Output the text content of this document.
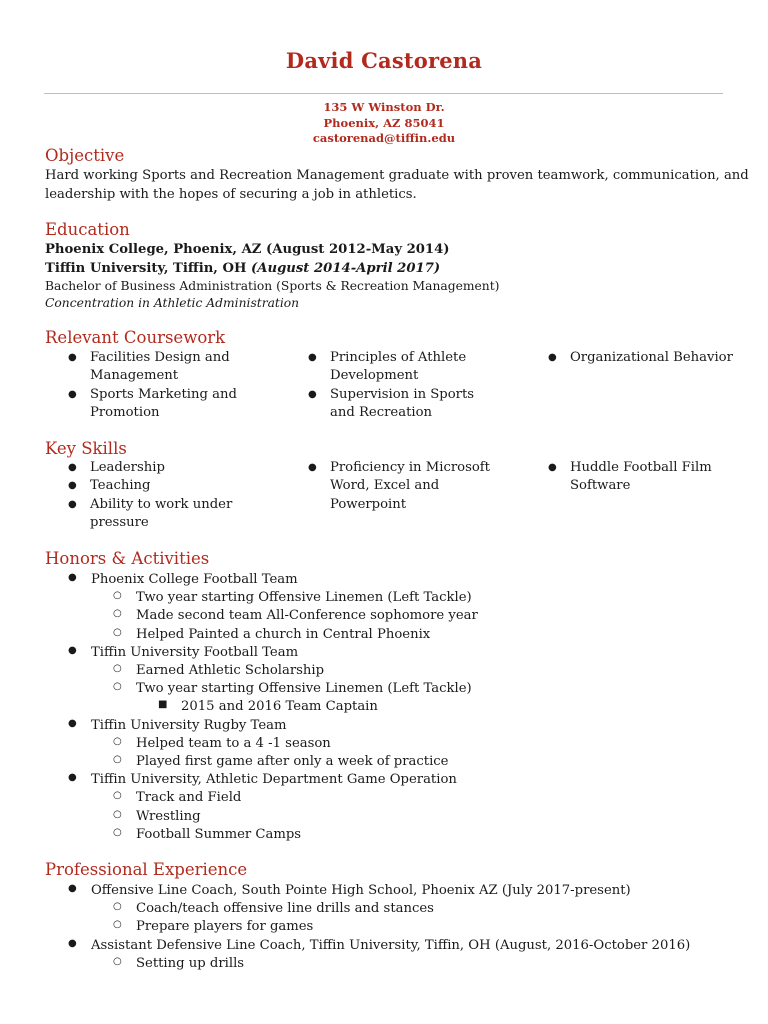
David Castorena
135 W Winston Dr.
Phoenix, AZ 85041
castorenad@tiffin.edu
Objective
Hard working Sports and Recreation Management graduate with proven teamwork, communication, and
leadership with the hopes of securing a job in athletics.
Education
Phoenix College, Phoenix, AZ (August 2012-May 2014)
Tiffin University, Tiffin, OH (August 2014-April 2017)
Bachelor of Business Administration (Sports & Recreation Management)
Concentration in Athletic Administration
Relevant Coursework
● Facilities Design and Management
● Sports Marketing and Promotion
● Principles of Athlete Development
● Supervision in Sports and Recreation
● Organizational Behavior
Key Skills
● Leadership
● Teaching
● Ability to work under pressure
● Proficiency in Microsoft Word, Excel and Powerpoint
● Huddle Football Film Software
Honors & Activities
● Phoenix College Football Team
○ Two year starting Offensive Linemen (Left Tackle)
○ Made second team All-Conference sophomore year
○ Helped Painted a church in Central Phoenix
● Tiffin University Football Team
○ Earned Athletic Scholarship
○ Two year starting Offensive Linemen (Left Tackle)
■ 2015 and 2016 Team Captain
● Tiffin University Rugby Team
○ Helped team to a 4 -1 season
○ Played first game after only a week of practice
● Tiffin University, Athletic Department Game Operation
○ Track and Field
○ Wrestling
○ Football Summer Camps
Professional Experience
● Offensive Line Coach, South Pointe High School, Phoenix AZ (July 2017-present)
○ Coach/teach offensive line drills and stances
○ Prepare players for games
● Assistant Defensive Line Coach, Tiffin University, Tiffin, OH (August, 2016-October 2016)
○ Setting up drills
